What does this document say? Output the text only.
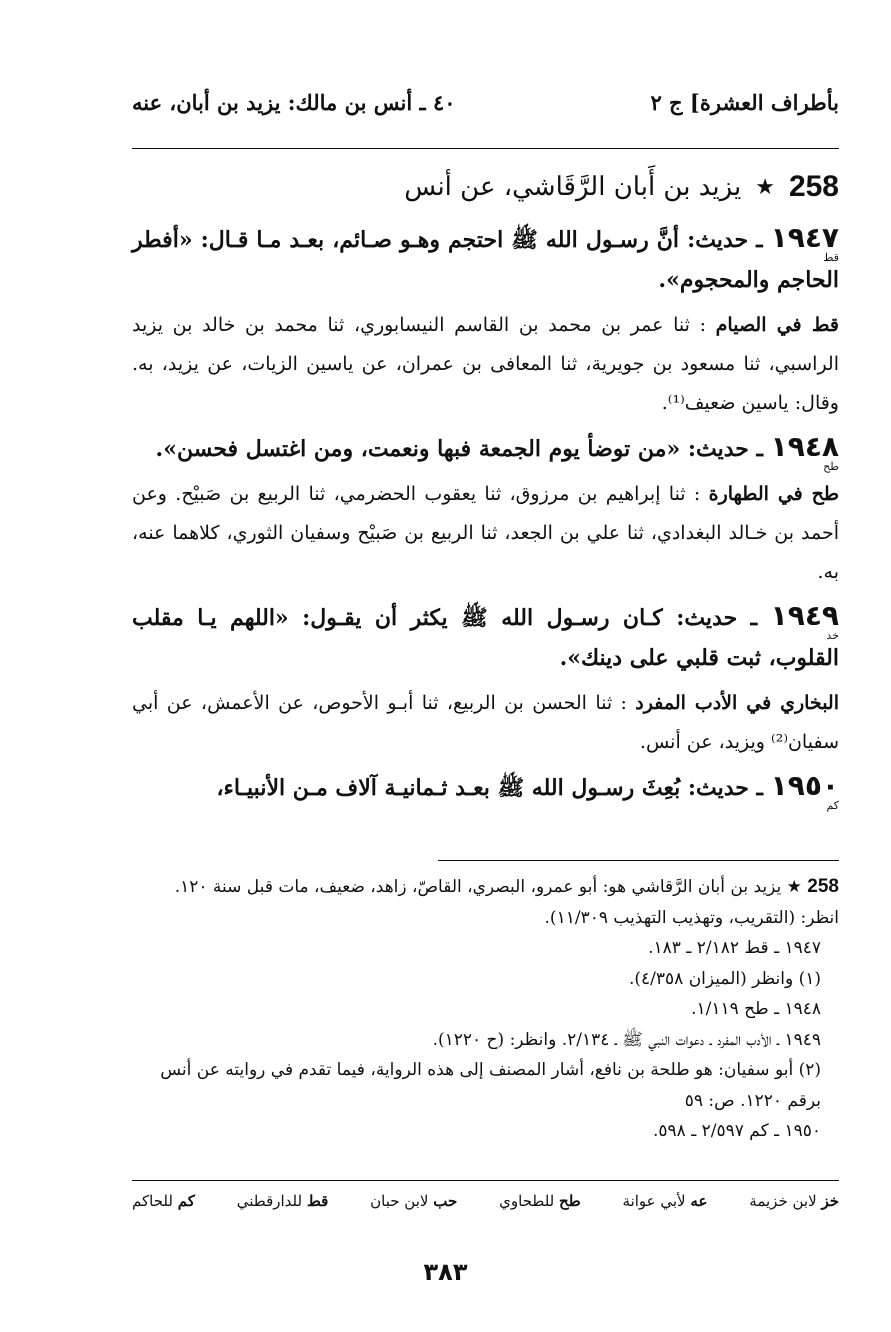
بأطراف العشرة] ج ٢
٤٠ ـ أنس بن مالك: يزيد بن أبان، عنه
258
★
يزيد بن أَبان الرَّقَاشي، عن أنس
١٩٤٧ ـ حديث: أنَّ رسـول الله ﷺ احتجم وهـو صـائم، بعـد مـا قـال: «أفطر الحاجم والمحجوم».
قط
قط في الصيام : ثنا عمر بن محمد بن القاسم النيسابوري، ثنا محمد بن خالد بن يزيد الراسبي، ثنا مسعود بن جويرية، ثنا المعافى بن عمران، عن ياسين الزيات، عن يزيد، به. وقال: ياسين ضعيف⁽¹⁾.
١٩٤٨ ـ حديث: «من توضأ يوم الجمعة فبها ونعمت، ومن اغتسل فحسن».
طح
طح في الطهارة : ثنا إبراهيم بن مرزوق، ثنا يعقوب الحضرمي، ثنا الربيع بن صَبيْح. وعن أحمد بن خـالد البغدادي، ثنا علي بن الجعد، ثنا الربيع بن صَبيْح وسفيان الثوري، كلاهما عنه، به.
١٩٤٩ ـ حديث: كـان رسـول الله ﷺ يكثر أن يقـول: «اللهم يـا مقلب القلوب، ثبت قلبي على دينك».
خد
البخاري في الأدب المفرد : ثنا الحسن بن الربيع، ثنا أبـو الأحوص، عن الأعمش، عن أبي سفيان⁽²⁾ ويزيد، عن أنس.
١٩٥٠ ـ حديث: بُعِثَ رسـول الله ﷺ بعـد ثـمانيـة آلاف مـن الأنبيـاء،
كم

258 ★ يزيد بن أبان الرَّقاشي هو: أبو عمرو، البصري، القاصّ، زاهد، ضعيف، مات قبل سنة ١٢٠. انظر: (التقريب، وتهذيب التهذيب ١١/٣٠٩).

١٩٤٧ ـ قط ٢/١٨٢ ـ ١٨٣.

(١) وانظر (الميزان ٤/٣٥٨).

١٩٤٨ ـ طح ١/١١٩.

١٩٤٩ ـ الأدب المفرد ـ دعوات النبي ﷺ ـ ٢/١٣٤. وانظر: (ح ١٢٢٠).

(٢) أبو سفيان: هو طلحة بن نافع، أشار المصنف إلى هذه الرواية، فيما تقدم في روايته عن أنس برقم ١٢٢٠. ص: ٥٩

١٩٥٠ ـ كم ٢/٥٩٧ ـ ٥٩٨.

خز لابن خزيمة
عه لأبي عوانة
طح للطحاوي
حب لابن حبان
قط للدارقطني
كم للحاكم
٣٨٣
